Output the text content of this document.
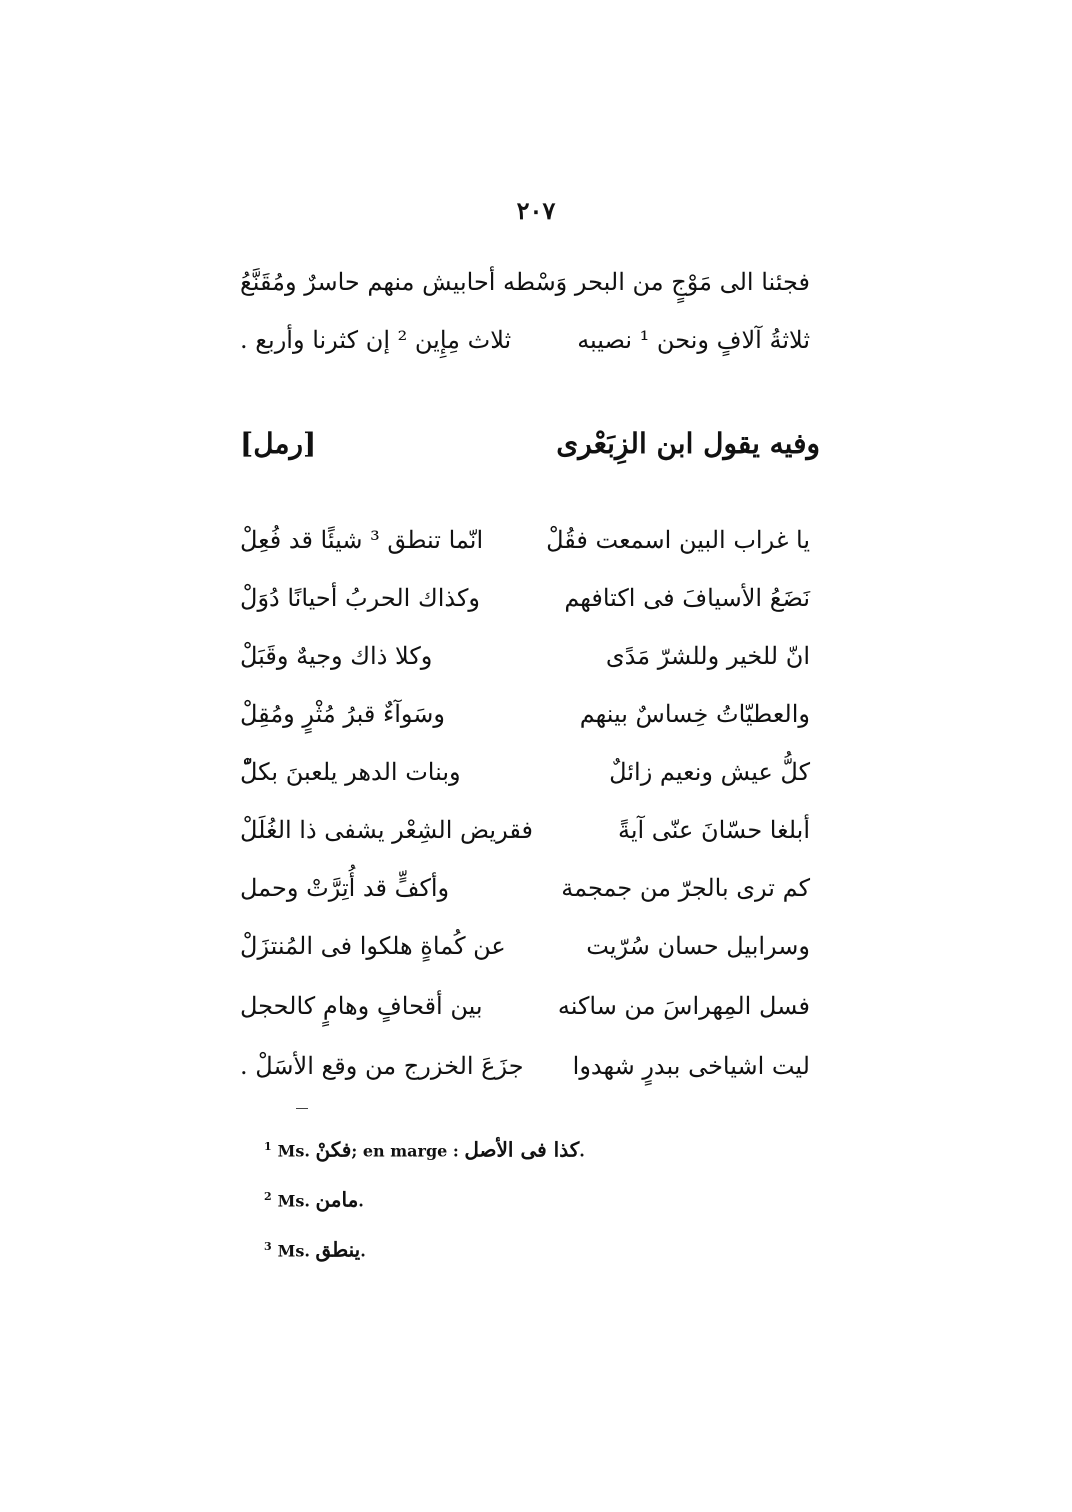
٢٠٧
فجئنا الى مَوْجٍ من البحر وَسْطه
أحابيش منهم حاسرٌ ومُقَنَّعُ
ثلاثةُ آلافٍ ونحن ¹ نصيبه
ثلاث مِإِين ² إن كثرنا وأربع .
وفيه يقول ابن الزِبَعْرى
[رمل]
يا غراب البين اسمعت فقُلْ
انّما تنطق ³ شيئًا قد فُعِلْ
نَضَعُ الأسيافَ فى اكتافهم
وكذاك الحربُ أحيانًا دُوَلْ
انّ للخير وللشرّ مَدًى
وكلا ذاك وجيهٌ وقَبَلْ
والعطيّاتُ خِساسٌ بينهم
وسَوآءٌ قبرُ مُثْرٍ ومُقِلْ
كلُّ عيش ونعيم زائلٌ
وبنات الدهر يلعبنَ بكلّْ
أبلغا حسّانَ عنّى آيةً
فقريض الشِعْر يشفى ذا الغُلَلْ
كم ترى بالجرّ من جمجمة
وأكفٍّ قد أُتِرَّتْ وحمل
وسرابيل حسان سُرّيت
عن كُماةٍ هلكوا فى المُنتزَلْ
فسل المِهراسَ من ساكنه
بين أقحافٍ وهامٍ كالحجل
ليت اشياخى ببدرٍ شهدوا
جزَعَ الخزرج من وقع الأسَلْ .
$^1$ Ms. فكنْ; en marge : كذا فى الأصل.
$^2$ Ms. مامن.
$^3$ Ms. ينطق.
